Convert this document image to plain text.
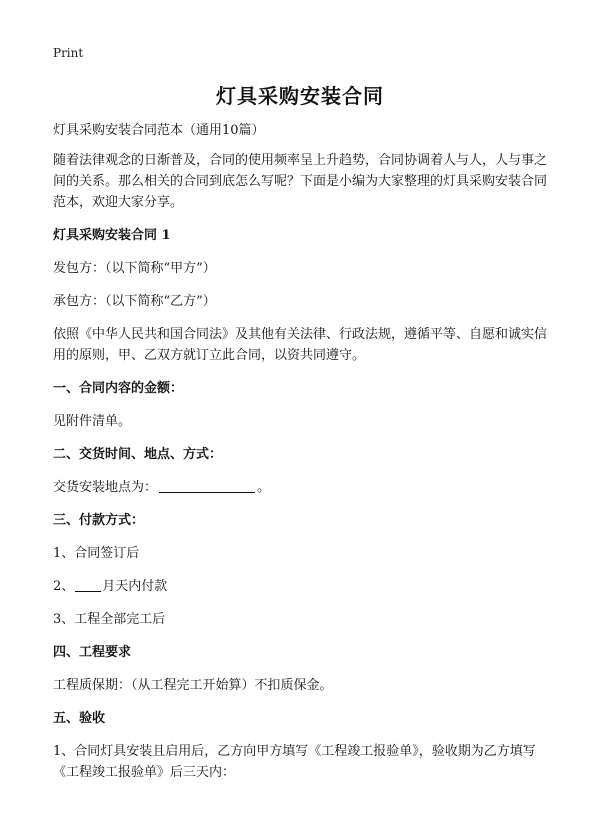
Print
灯具采购安装合同

灯具采购安装合同范本（通用10篇）

随着法律观念的日渐普及，合同的使用频率呈上升趋势，合同协调着人与人，人与事之间的关系。那么相关的合同到底怎么写呢？下面是小编为大家整理的灯具采购安装合同范本，欢迎大家分享。

灯具采购安装合同 1

发包方：（以下简称“甲方”）

承包方：（以下简称“乙方”）

依照《中华人民共和国合同法》及其他有关法律、行政法规，遵循平等、自愿和诚实信用的原则，甲、乙双方就订立此合同，以资共同遵守。

一、合同内容的金额：

见附件清单。

二、交货时间、地点、方式：

交货安装地点为：	。

三、付款方式：

1、合同签订后

2、 月天内付款

3、工程全部完工后

四、工程要求

工程质保期：（从工程完工开始算）不扣质保金。

五、验收

1、合同灯具安装且启用后，乙方向甲方填写《工程竣工报验单》，验收期为乙方填写《工程竣工报验单》后三天内：
